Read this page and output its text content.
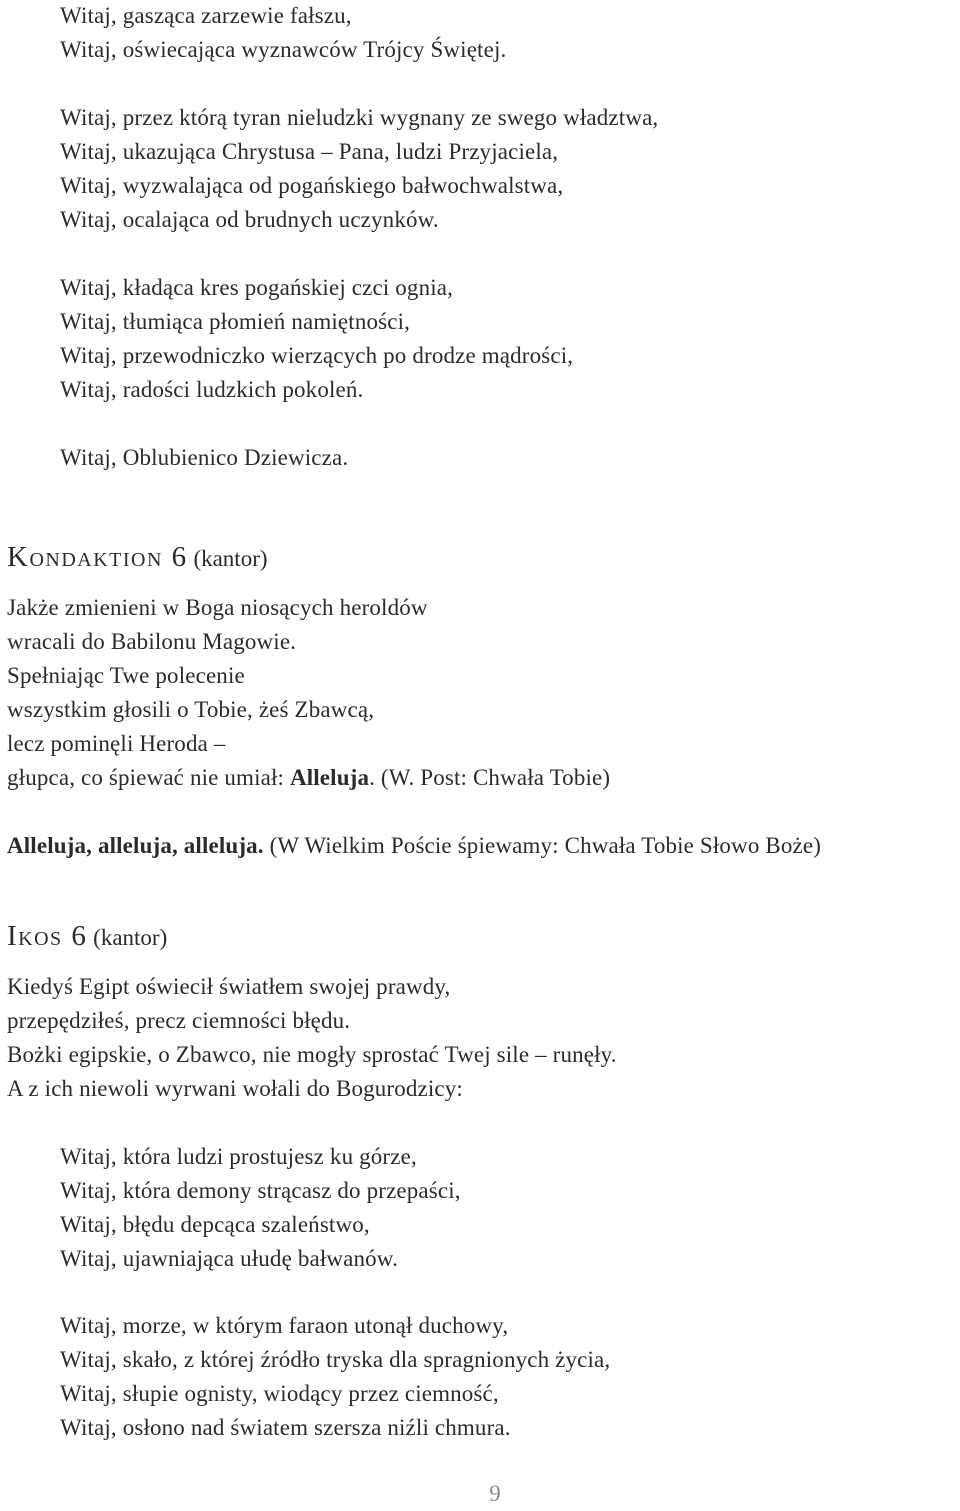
Witaj, gasząca zarzewie fałszu,
Witaj, oświecająca wyznawców Trójcy Świętej.
Witaj, przez którą tyran nieludzki wygnany ze swego władztwa,
Witaj, ukazująca Chrystusa – Pana, ludzi Przyjaciela,
Witaj, wyzwalająca od pogańskiego bałwochwalstwa,
Witaj, ocalająca od brudnych uczynków.
Witaj, kładąca kres pogańskiej czci ognia,
Witaj, tłumiąca płomień namiętności,
Witaj, przewodniczko wierzących po drodze mądrości,
Witaj, radości ludzkich pokoleń.
Witaj, Oblubienico Dziewicza.
Kondaktion 6 (kantor)
Jakże zmienieni w Boga niosących heroldów
wracali do Babilonu Magowie.
Spełniając Twe polecenie
wszystkim głosili o Tobie, żeś Zbawcą,
lecz pominęli Heroda –
głupca, co śpiewać nie umiał: Alleluja. (W. Post: Chwała Tobie)
Alleluja, alleluja, alleluja. (W Wielkim Poście śpiewamy: Chwała Tobie Słowo Boże)
Ikos 6 (kantor)
Kiedyś Egipt oświecił światłem swojej prawdy,
przepędziłeś, precz ciemności błędu.
Bożki egipskie, o Zbawco, nie mogły sprostać Twej sile – runęły.
A z ich niewoli wyrwani wołali do Bogurodzicy:
Witaj, która ludzi prostujesz ku górze,
Witaj, która demony strącasz do przepaści,
Witaj, błędu depcąca szaleństwo,
Witaj, ujawniająca ułudę bałwanów.
Witaj, morze, w którym faraon utonął duchowy,
Witaj, skało, z której źródło tryska dla spragnionych życia,
Witaj, słupie ognisty, wiodący przez ciemność,
Witaj, osłono nad światem szersza niźli chmura.
9
